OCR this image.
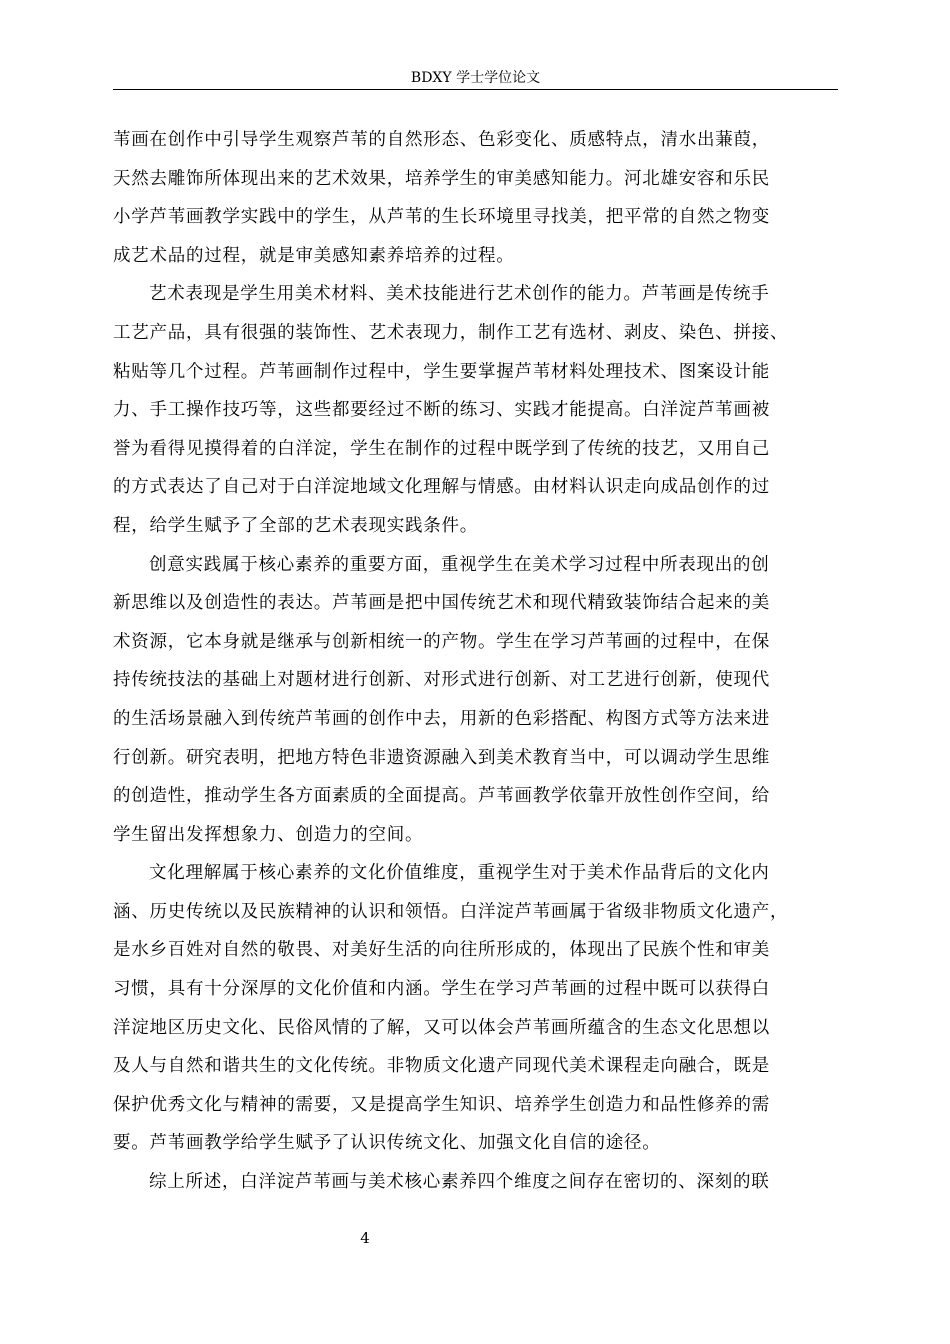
BDXY 学士学位论文

苇画在创作中引导学生观察芦苇的自然形态、色彩变化、质感特点，清水出蒹葭，
天然去雕饰所体现出来的艺术效果，培养学生的审美感知能力。河北雄安容和乐民
小学芦苇画教学实践中的学生，从芦苇的生长环境里寻找美，把平常的自然之物变
成艺术品的过程，就是审美感知素养培养的过程。

艺术表现是学生用美术材料、美术技能进行艺术创作的能力。芦苇画是传统手
工艺产品，具有很强的装饰性、艺术表现力，制作工艺有选材、剥皮、染色、拼接、
粘贴等几个过程。芦苇画制作过程中，学生要掌握芦苇材料处理技术、图案设计能
力、手工操作技巧等，这些都要经过不断的练习、实践才能提高。白洋淀芦苇画被
誉为看得见摸得着的白洋淀，学生在制作的过程中既学到了传统的技艺，又用自己
的方式表达了自己对于白洋淀地域文化理解与情感。由材料认识走向成品创作的过
程，给学生赋予了全部的艺术表现实践条件。

创意实践属于核心素养的重要方面，重视学生在美术学习过程中所表现出的创
新思维以及创造性的表达。芦苇画是把中国传统艺术和现代精致装饰结合起来的美
术资源，它本身就是继承与创新相统一的产物。学生在学习芦苇画的过程中，在保
持传统技法的基础上对题材进行创新、对形式进行创新、对工艺进行创新，使现代
的生活场景融入到传统芦苇画的创作中去，用新的色彩搭配、构图方式等方法来进
行创新。研究表明，把地方特色非遗资源融入到美术教育当中，可以调动学生思维
的创造性，推动学生各方面素质的全面提高。芦苇画教学依靠开放性创作空间，给
学生留出发挥想象力、创造力的空间。

文化理解属于核心素养的文化价值维度，重视学生对于美术作品背后的文化内
涵、历史传统以及民族精神的认识和领悟。白洋淀芦苇画属于省级非物质文化遗产，
是水乡百姓对自然的敬畏、对美好生活的向往所形成的，体现出了民族个性和审美
习惯，具有十分深厚的文化价值和内涵。学生在学习芦苇画的过程中既可以获得白
洋淀地区历史文化、民俗风情的了解，又可以体会芦苇画所蕴含的生态文化思想以
及人与自然和谐共生的文化传统。非物质文化遗产同现代美术课程走向融合，既是
保护优秀文化与精神的需要，又是提高学生知识、培养学生创造力和品性修养的需
要。芦苇画教学给学生赋予了认识传统文化、加强文化自信的途径。

综上所述，白洋淀芦苇画与美术核心素养四个维度之间存在密切的、深刻的联

4
